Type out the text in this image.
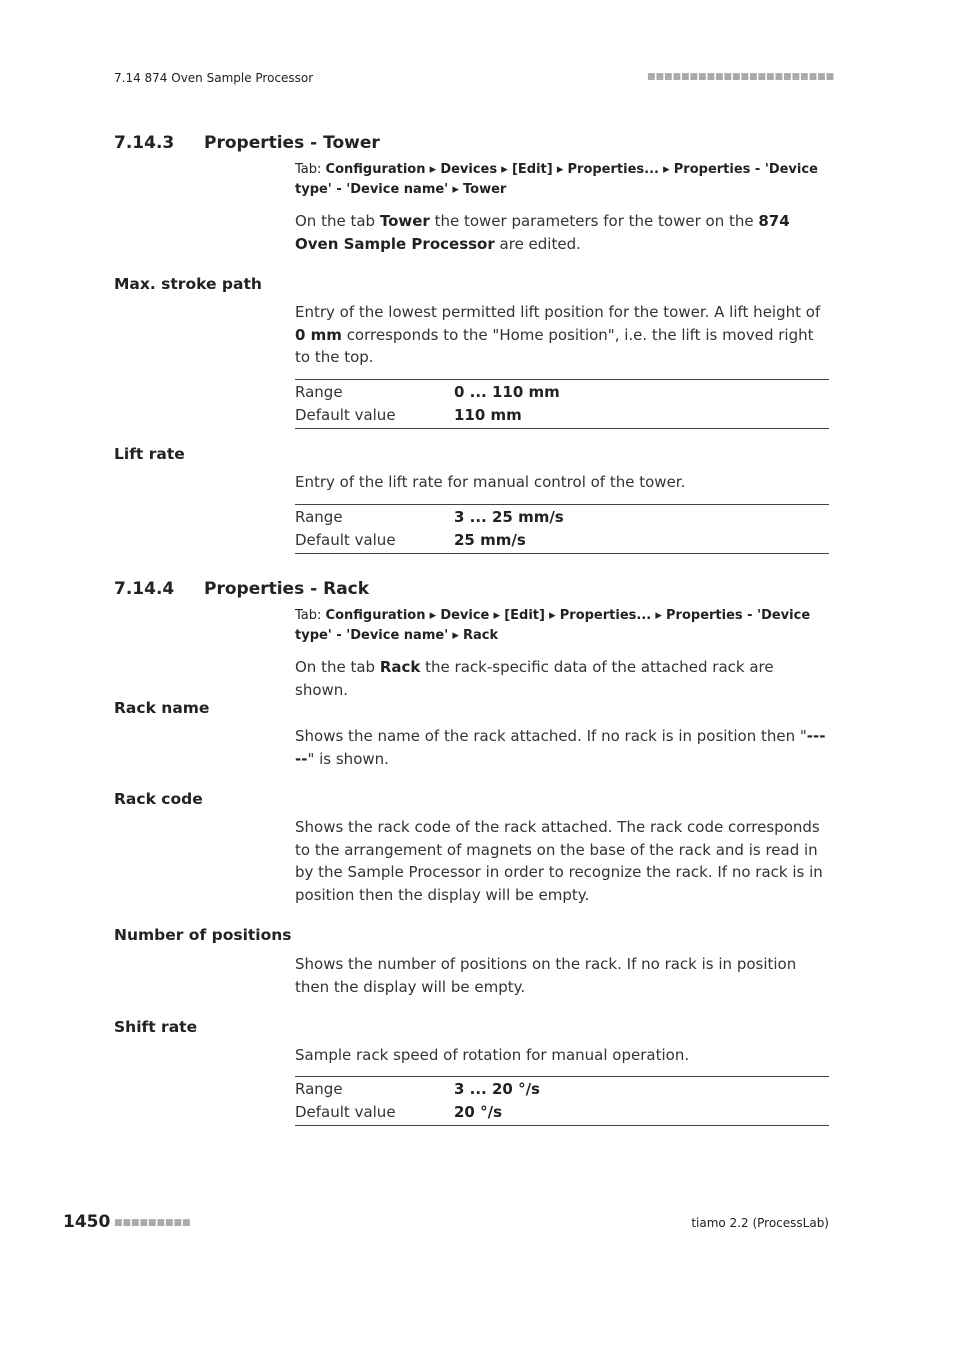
7.14 874 Oven Sample Processor	■■■■■■■■■■■■■■■■■■■■■■
7.14.3 Properties - Tower
Tab: Configuration ▸ Devices ▸ [Edit] ▸ Properties... ▸ Properties - 'Device type' - 'Device name' ▸ Tower
On the tab Tower the tower parameters for the tower on the 874 Oven Sample Processor are edited.
Max. stroke path
Entry of the lowest permitted lift position for the tower. A lift height of 0 mm corresponds to the "Home position", i.e. the lift is moved right to the top.
Range	0 ... 110 mm
Default value	110 mm
Lift rate
Entry of the lift rate for manual control of the tower.
Range	3 ... 25 mm/s
Default value	25 mm/s
7.14.4 Properties - Rack
Tab: Configuration ▸ Device ▸ [Edit] ▸ Properties... ▸ Properties - 'Device type' - 'Device name' ▸ Rack
On the tab Rack the rack-specific data of the attached rack are shown.
Rack name
Shows the name of the rack attached. If no rack is in position then "-----" is shown.
Rack code
Shows the rack code of the rack attached. The rack code corresponds to the arrangement of magnets on the base of the rack and is read in by the Sample Processor in order to recognize the rack. If no rack is in position then the display will be empty.
Number of positions
Shows the number of positions on the rack. If no rack is in position then the display will be empty.
Shift rate
Sample rack speed of rotation for manual operation.
Range	3 ... 20 °/s
Default value	20 °/s
1450 ■■■■■■■■■	tiamo 2.2 (ProcessLab)
